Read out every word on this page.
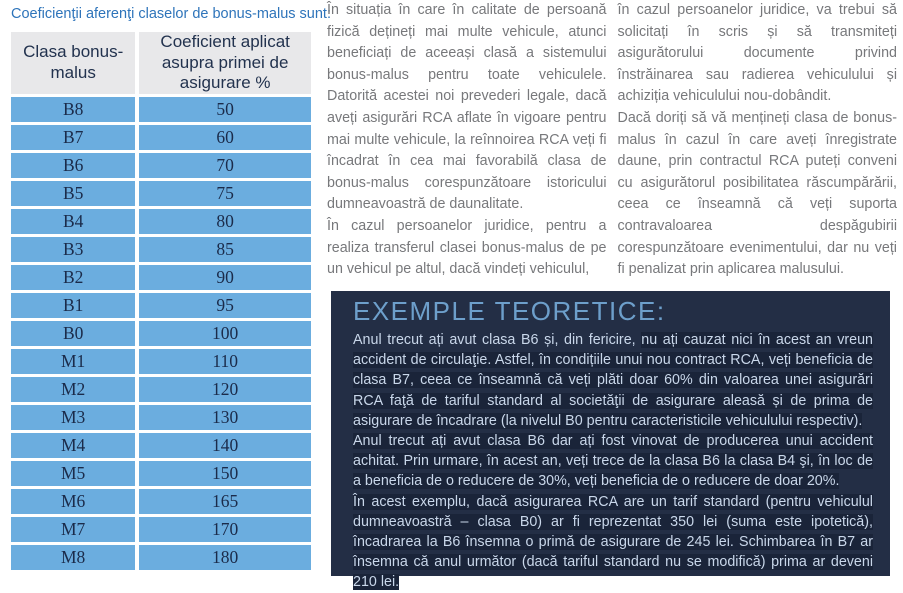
Coeficienţii aferenţi claselor de bonus-malus sunt:
Clasa bonus-malus	Coeficient aplicat asupra primei de asigurare %
B8	50
B7	60
B6	70
B5	75
B4	80
B3	85
B2	90
B1	95
B0	100
M1	110
M2	120
M3	130
M4	140
M5	150
M6	165
M7	170
M8	180

În situația în care în calitate de persoană fizică dețineți mai multe vehicule, atunci beneficiați de aceeași clasă a sistemului bonus-malus pentru toate vehiculele. Datorită acestei noi prevederi legale, dacă aveți asigurări RCA aflate în vigoare pentru mai multe vehicule, la reînnoirea RCA veți fi încadrat în cea mai favorabilă clasa de bonus-malus corespunzătoare istoricului dumneavoastră de daunalitate.

În cazul persoanelor juridice, pentru a realiza transferul clasei bonus-malus de pe un vehicul pe altul, dacă vindeți vehiculul,

în cazul persoanelor juridice, va trebui să solicitați în scris și să transmiteți asigurătorului documente privind înstrăinarea sau radierea vehiculului și achiziția vehiculului nou-dobândit.

Dacă doriți să vă mențineți clasa de bonus-malus în cazul în care aveți înregistrate daune, prin contractul RCA puteți conveni cu asigurătorul posibilitatea răscumpărării, ceea ce înseamnă că veți suporta contravaloarea despăgubirii corespunzătoare evenimentului, dar nu veți fi penalizat prin aplicarea malusului.

EXEMPLE TEORETICE:

Anul trecut ați avut clasa B6 și, din fericire, nu ați cauzat nici în acest an vreun accident de circulaţie. Astfel, în condițiile unui nou contract RCA, veți beneficia de clasa B7, ceea ce înseamnă că veți plăti doar 60% din valoarea unei asigurări RCA faţă de tariful standard al societăţii de asigurare aleasă și de prima de asigurare de încadrare (la nivelul B0 pentru caracteristicile vehiculului respectiv).

Anul trecut ați avut clasa B6 dar ați fost vinovat de producerea unui accident achitat. Prin urmare, în acest an, veți trece de la clasa B6 la clasa B4 şi, în loc de a beneficia de o reducere de 30%, veți beneficia de o reducere de doar 20%.

În acest exemplu, dacă asigurarea RCA are un tarif standard (pentru vehiculul dumneavoastră – clasa B0) ar fi reprezentat 350 lei (suma este ipotetică), încadrarea la B6 însemna o primă de asigurare de 245 lei. Schimbarea în B7 ar însemna că anul următor (dacă tariful standard nu se modifică) prima ar deveni 210 lei.
